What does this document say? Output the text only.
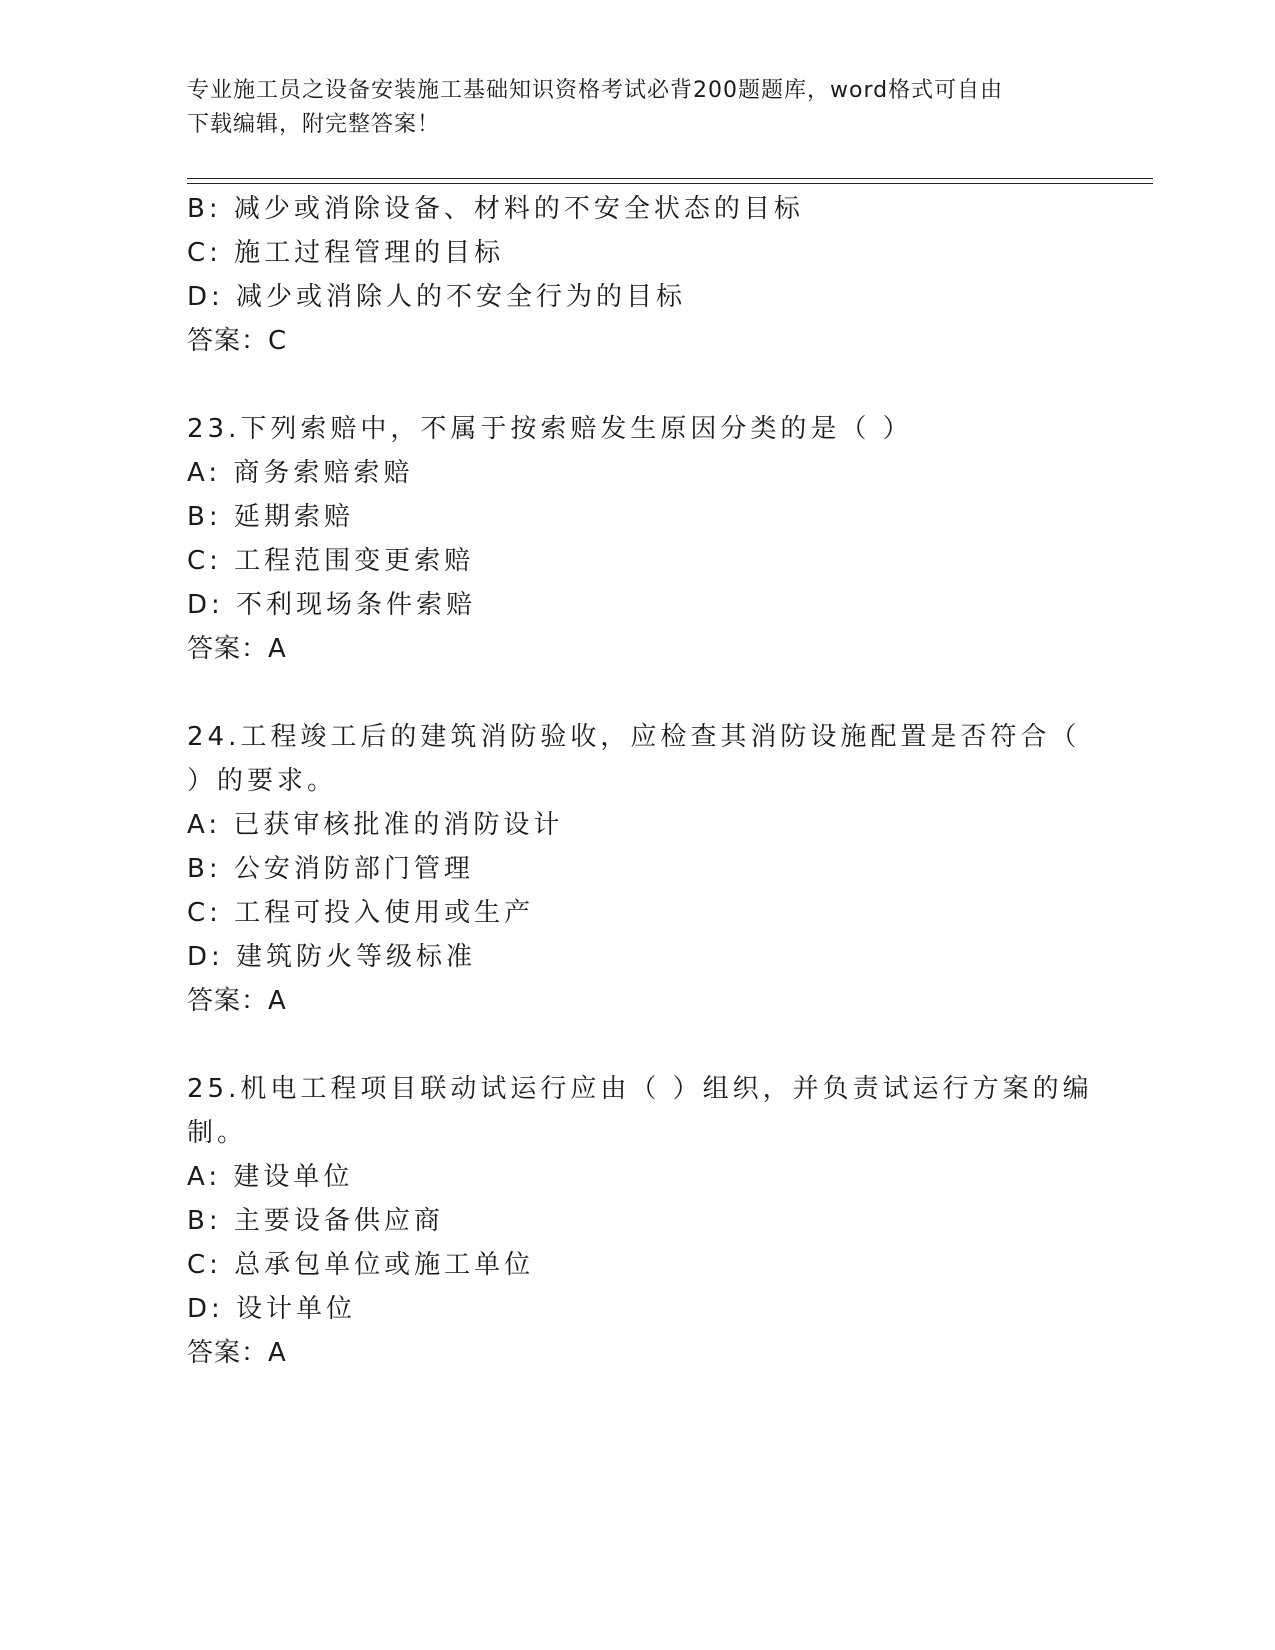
专业施工员之设备安装施工基础知识资格考试必背200题题库，word格式可自由
下载编辑，附完整答案！
B: 减少或消除设备、材料的不安全状态的目标
C: 施工过程管理的目标
D: 减少或消除人的不安全行为的目标
答案：C
23.下列索赔中，不属于按索赔发生原因分类的是（ ）
A: 商务索赔索赔
B: 延期索赔
C: 工程范围变更索赔
D: 不利现场条件索赔
答案：A
24.工程竣工后的建筑消防验收，应检查其消防设施配置是否符合（
）的要求。
A: 已获审核批准的消防设计
B: 公安消防部门管理
C: 工程可投入使用或生产
D: 建筑防火等级标准
答案：A
25.机电工程项目联动试运行应由（ ）组织，并负责试运行方案的编
制。
A: 建设单位
B: 主要设备供应商
C: 总承包单位或施工单位
D: 设计单位
答案：A
